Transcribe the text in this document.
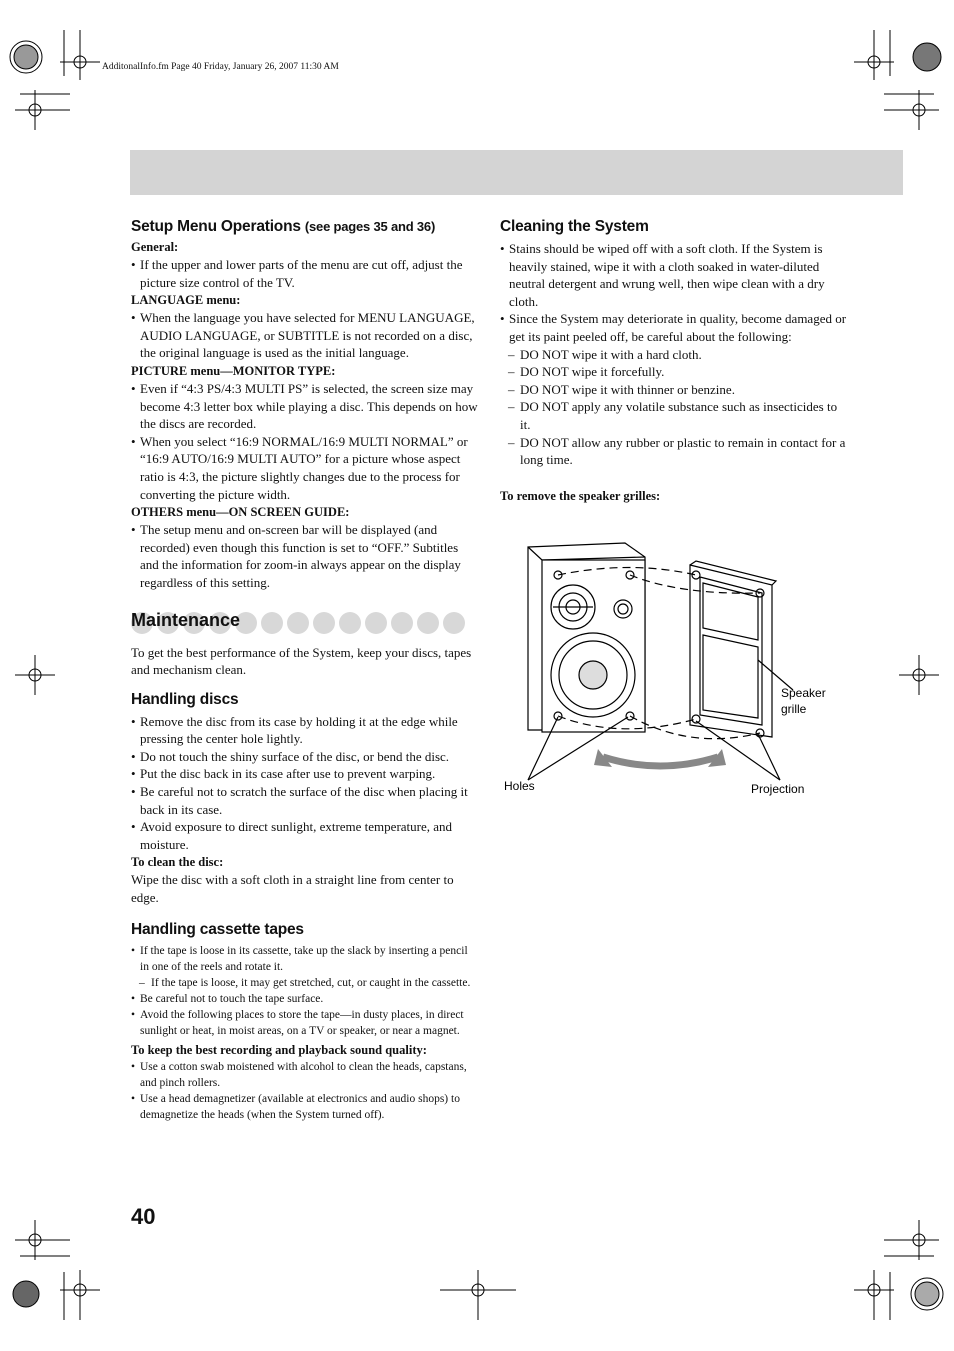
AdditonalInfo.fm Page 40 Friday, January 26, 2007 11:30 AM
Setup Menu Operations (see pages 35 and 36)
General:
• If the upper and lower parts of the menu are cut off, adjust the picture size control of the TV.
LANGUAGE menu:
• When the language you have selected for MENU LANGUAGE, AUDIO LANGUAGE, or SUBTITLE is not recorded on a disc, the original language is used as the initial language.
PICTURE menu—MONITOR TYPE:
• Even if “4:3 PS/4:3 MULTI PS” is selected, the screen size may become 4:3 letter box while playing a disc. This depends on how the discs are recorded.
• When you select “16:9 NORMAL/16:9 MULTI NORMAL” or “16:9 AUTO/16:9 MULTI AUTO” for a picture whose aspect ratio is 4:3, the picture slightly changes due to the process for converting the picture width.
OTHERS menu—ON SCREEN GUIDE:
• The setup menu and on-screen bar will be displayed (and recorded) even though this function is set to “OFF.” Subtitles and the information for zoom-in always appear on the display regardless of this setting.
Maintenance

To get the best performance of the System, keep your discs, tapes and mechanism clean.

Handling discs
• Remove the disc from its case by holding it at the edge while pressing the center hole lightly.
• Do not touch the shiny surface of the disc, or bend the disc.
• Put the disc back in its case after use to prevent warping.
• Be careful not to scratch the surface of the disc when placing it back in its case.
• Avoid exposure to direct sunlight, extreme temperature, and moisture.
To clean the disc:

Wipe the disc with a soft cloth in a straight line from center to edge.

Handling cassette tapes
• If the tape is loose in its cassette, take up the slack by inserting a pencil in one of the reels and rotate it.
– If the tape is loose, it may get stretched, cut, or caught in the cassette.
• Be careful not to touch the tape surface.
• Avoid the following places to store the tape—in dusty places, in direct sunlight or heat, in moist areas, on a TV or speaker, or near a magnet.
To keep the best recording and playback sound quality:
• Use a cotton swab moistened with alcohol to clean the heads, capstans, and pinch rollers.
• Use a head demagnetizer (available at electronics and audio shops) to demagnetize the heads (when the System turned off).
Cleaning the System
• Stains should be wiped off with a soft cloth. If the System is heavily stained, wipe it with a cloth soaked in water-diluted neutral detergent and wrung well, then wipe clean with a dry cloth.
• Since the System may deteriorate in quality, become damaged or get its paint peeled off, be careful about the following:
– DO NOT wipe it with a hard cloth.
– DO NOT wipe it forcefully.
– DO NOT wipe it with thinner or benzine.
– DO NOT apply any volatile substance such as insecticides to it.
– DO NOT allow any rubber or plastic to remain in contact for a long time.
To remove the speaker grilles:
Speaker
grille
Holes	Projection
40
